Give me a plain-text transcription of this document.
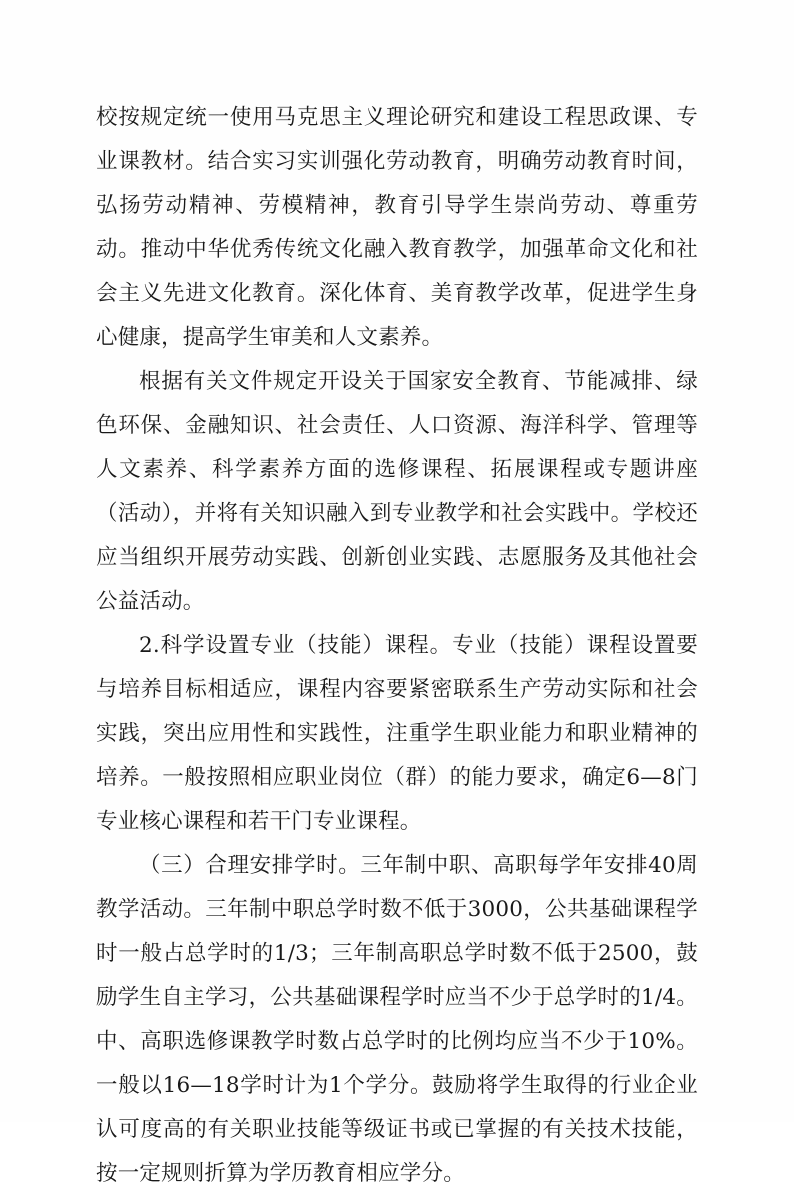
校按规定统一使用马克思主义理论研究和建设工程思政课、专业课教材。结合实习实训强化劳动教育，明确劳动教育时间，弘扬劳动精神、劳模精神，教育引导学生崇尚劳动、尊重劳动。推动中华优秀传统文化融入教育教学，加强革命文化和社会主义先进文化教育。深化体育、美育教学改革，促进学生身心健康，提高学生审美和人文素养。

根据有关文件规定开设关于国家安全教育、节能减排、绿色环保、金融知识、社会责任、人口资源、海洋科学、管理等人文素养、科学素养方面的选修课程、拓展课程或专题讲座（活动），并将有关知识融入到专业教学和社会实践中。学校还应当组织开展劳动实践、创新创业实践、志愿服务及其他社会公益活动。

2.科学设置专业（技能）课程。专业（技能）课程设置要与培养目标相适应，课程内容要紧密联系生产劳动实际和社会实践，突出应用性和实践性，注重学生职业能力和职业精神的培养。一般按照相应职业岗位（群）的能力要求，确定6—8门专业核心课程和若干门专业课程。

（三）合理安排学时。三年制中职、高职每学年安排40周教学活动。三年制中职总学时数不低于3000，公共基础课程学时一般占总学时的1/3；三年制高职总学时数不低于2500，鼓励学生自主学习，公共基础课程学时应当不少于总学时的1/4。中、高职选修课教学时数占总学时的比例均应当不少于10%。一般以16—18学时计为1个学分。鼓励将学生取得的行业企业认可度高的有关职业技能等级证书或已掌握的有关技术技能，按一定规则折算为学历教育相应学分。
